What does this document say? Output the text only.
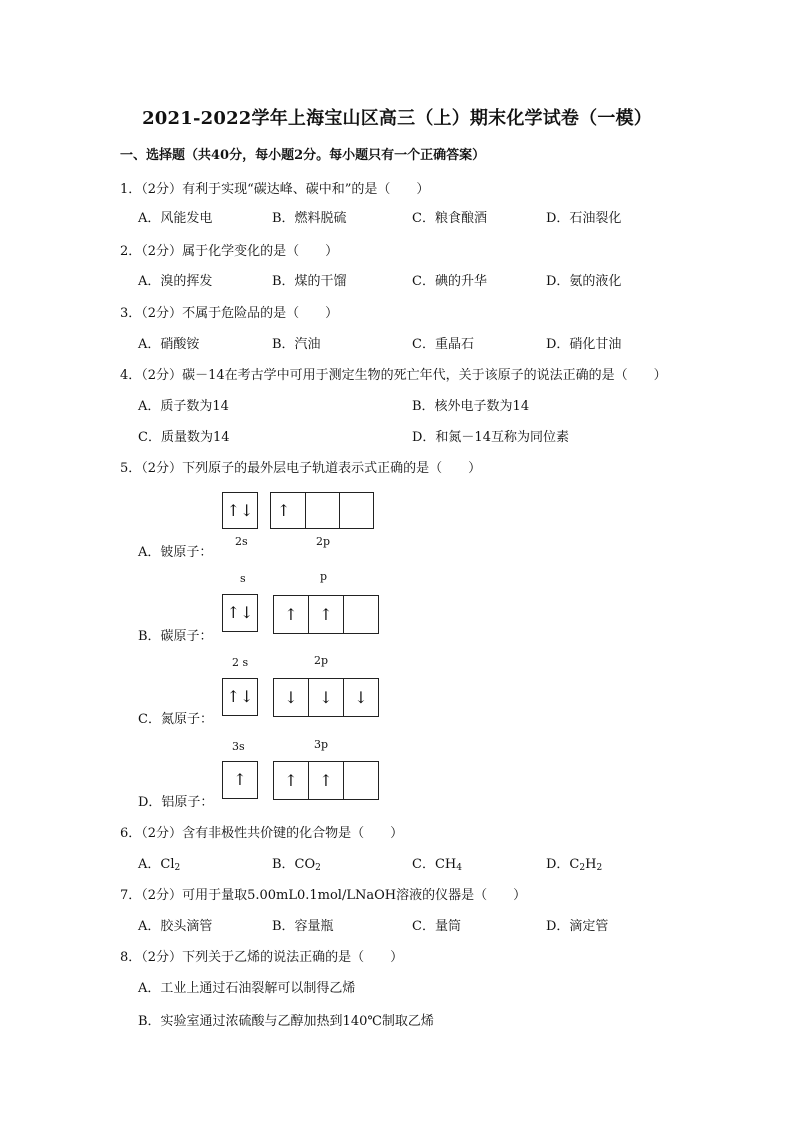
2021-2022学年上海宝山区高三（上）期末化学试卷（一模）
一、选择题（共40分，每小题2分。每小题只有一个正确答案）
1．（2分）有利于实现“碳达峰、碳中和”的是（　　）
A．风能发电	B．燃料脱硫	C．粮食酿酒	D．石油裂化
2．（2分）属于化学变化的是（　　）
A．溴的挥发	B．煤的干馏	C．碘的升华	D．氨的液化
3．（2分）不属于危险品的是（　　）
A．硝酸铵	B．汽油	C．重晶石	D．硝化甘油
4．（2分）碳－14在考古学中可用于测定生物的死亡年代，关于该原子的说法正确的是（　　）
A．质子数为14	B．核外电子数为14
C．质量数为14	D．和氮－14互称为同位素
5．（2分）下列原子的最外层电子轨道表示式正确的是（　　）
↑↓	↑
2s	2p
A．铍原子：
s	p
↑↓	↑	↑
B．碳原子：
2 s	2p
↑↓	↓	↓	↓
C．氮原子：
3s	3p
↑	↑	↑
D．铝原子：
6．（2分）含有非极性共价键的化合物是（　　）
A．$Cl_2$	B．$CO_2$	C．$CH_4$	D．$C_2H_2$
7．（2分）可用于量取5.00mL0.1mol/LNaOH溶液的仪器是（　　）
A．胶头滴管	B．容量瓶	C．量筒	D．滴定管
8．（2分）下列关于乙烯的说法正确的是（　　）
A．工业上通过石油裂解可以制得乙烯
B．实验室通过浓硫酸与乙醇加热到140℃制取乙烯
